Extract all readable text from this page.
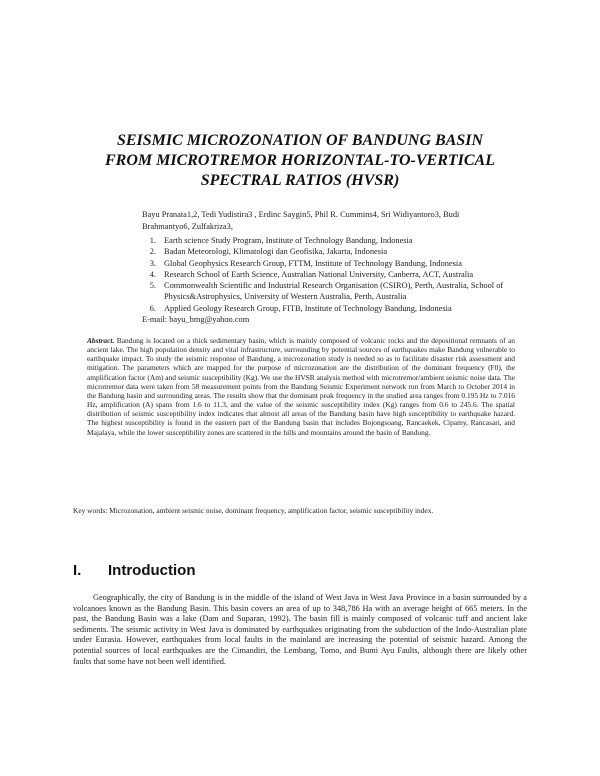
SEISMIC MICROZONATION OF BANDUNG BASIN
FROM MICROTREMOR HORIZONTAL-TO-VERTICAL
SPECTRAL RATIOS (HVSR)
Bayu Pranata1,2, Tedi Yudistira3 , Erdinc Saygin5, Phil R. Cummins4, Sri Widiyantoro3, Budi Brahmantyo6, Zulfakriza3,
1. Earth science Study Program, Institute of Technology Bandung, Indonesia
2. Badan Meteorologi, Klimatologi dan Geofisika, Jakarta, Indonesia
3. Global Geophysics Research Group, FTTM, Institute of Technology Bandung, Indonesia
4. Research School of Earth Science, Australian National University, Canberra, ACT, Australia
5. Commonwealth Scientific and Industrial Research Organisation (CSIRO), Perth, Australia, School of Physics&Astrophysics, University of Western Australia, Perth, Australia
6. Applied Geology Research Group, FITB, Institute of Technology Bandung, Indonesia
E-mail: bayu_bmg@yahoo.com
Abstract. Bandung is located on a thick sedimentary basin, which is mainly composed of volcanic rocks and the depositional remnants of an ancient lake. The high population density and vital infrastructure, surrounding by potential sources of earthquakes make Bandung vulnerable to earthquake impact. To study the seismic response of Bandung, a microzonation study is needed so as to facilitate disaster risk assessment and mitigation. The parameters which are mapped for the purpose of microzonation are the distribution of the dominant frequency (F0), the amplification factor (Am) and seismic susceptibility (Kg). We use the HVSR analysis method with microtremor/ambient seismic noise data. The microtremor data were taken from 58 measurement points from the Bandung Seismic Experiment network run from March to October 2014 in the Bandung basin and surrounding areas. The results show that the dominant peak frequency in the studied area ranges from 0.195 Hz to 7.016 Hz, amplification (A) spans from 1.6 to 11.3, and the value of the seismic susceptibility index (Kg) ranges from 0.6 to 245.6. The spatial distribution of seismic susceptibility index indicates that almost all areas of the Bandung basin have high susceptibility to earthquake hazard. The highest susceptibility is found in the eastern part of the Bandung basin that includes Bojongsoang, Rancaekek, Cipamy, Rancasari, and Majalaya, while the lower susceptibility zones are scattered in the hills and mountains around the basin of Bandung.
Key words: Microzonation, ambient seismic noise, dominant frequency, amplification factor, seismic susceptibility index.
I. Introduction
Geographically, the city of Bandung is in the middle of the island of West Java in West Java Province in a basin surrounded by a volcanoes known as the Bandung Basin. This basin covers an area of up to 348,786 Ha with an average height of 665 meters. In the past, the Bandung Basin was a lake (Dam and Suparan, 1992). The basin fill is mainly composed of volcanic tuff and ancient lake sediments. The seismic activity in West Java is dominated by earthquakes originating from the subduction of the Indo-Australian plate under Eurasia. However, earthquakes from local faults in the mainland are increasing the potential of seismic hazard. Among the potential sources of local earthquakes are the Cimandiri, the Lembang, Tomo, and Bumi Ayu Faults, although there are likely other faults that some have not been well identified.
